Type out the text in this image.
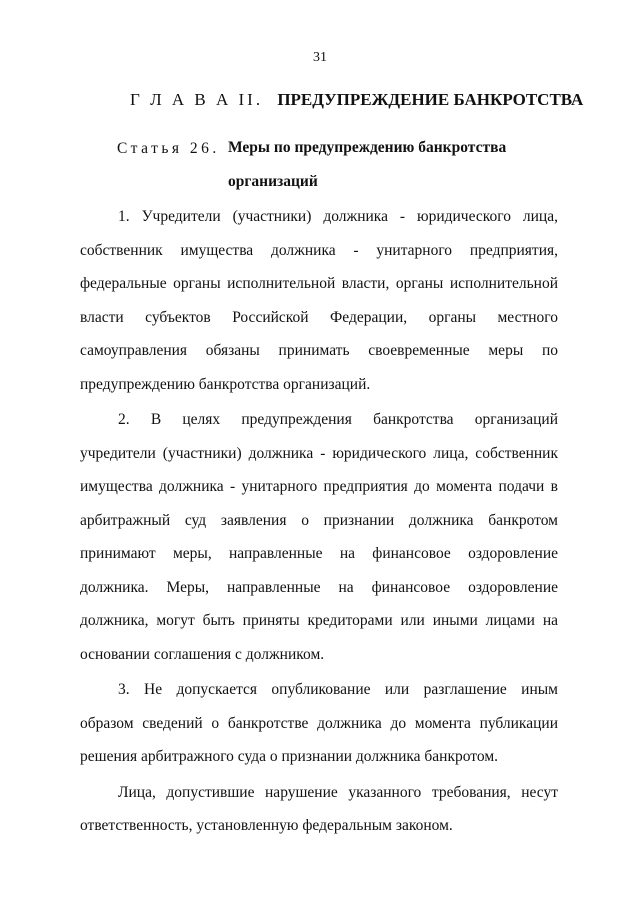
31
Г Л А В А II. ПРЕДУПРЕЖДЕНИЕ БАНКРОТСТВА
Статья 26. Меры по предупреждению банкротства
организаций
1. Учредители (участники) должника - юридического лица,
собственник имущества должника - унитарного предприятия,
федеральные органы исполнительной власти, органы исполнительной
власти субъектов Российской Федерации, органы местного
самоуправления обязаны принимать своевременные меры по
предупреждению банкротства организаций.
2. В целях предупреждения банкротства организаций
учредители (участники) должника - юридического лица, собственник
имущества должника - унитарного предприятия до момента подачи в
арбитражный суд заявления о признании должника банкротом
принимают меры, направленные на финансовое оздоровление
должника. Меры, направленные на финансовое оздоровление
должника, могут быть приняты кредиторами или иными лицами на
основании соглашения с должником.
3. Не допускается опубликование или разглашение иным
образом сведений о банкротстве должника до момента публикации
решения арбитражного суда о признании должника банкротом.
Лица, допустившие нарушение указанного требования, несут
ответственность, установленную федеральным законом.
